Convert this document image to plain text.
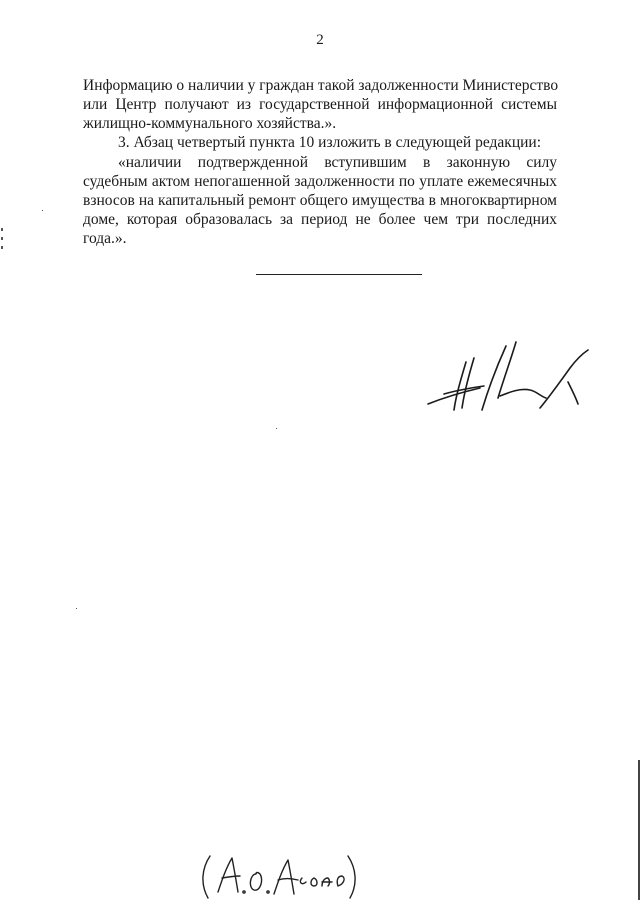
2
Информацию о наличии у граждан такой задолженности Министерство
или Центр получают из государственной информационной системы
жилищно-коммунального хозяйства.».
3. Абзац четвертый пункта 10 изложить в следующей редакции:
«наличии подтвержденной вступившим в законную силу
судебным актом непогашенной задолженности по уплате ежемесячных
взносов на капитальный ремонт общего имущества в многоквартирном
доме, которая образовалась за период не более чем три последних
года.».
